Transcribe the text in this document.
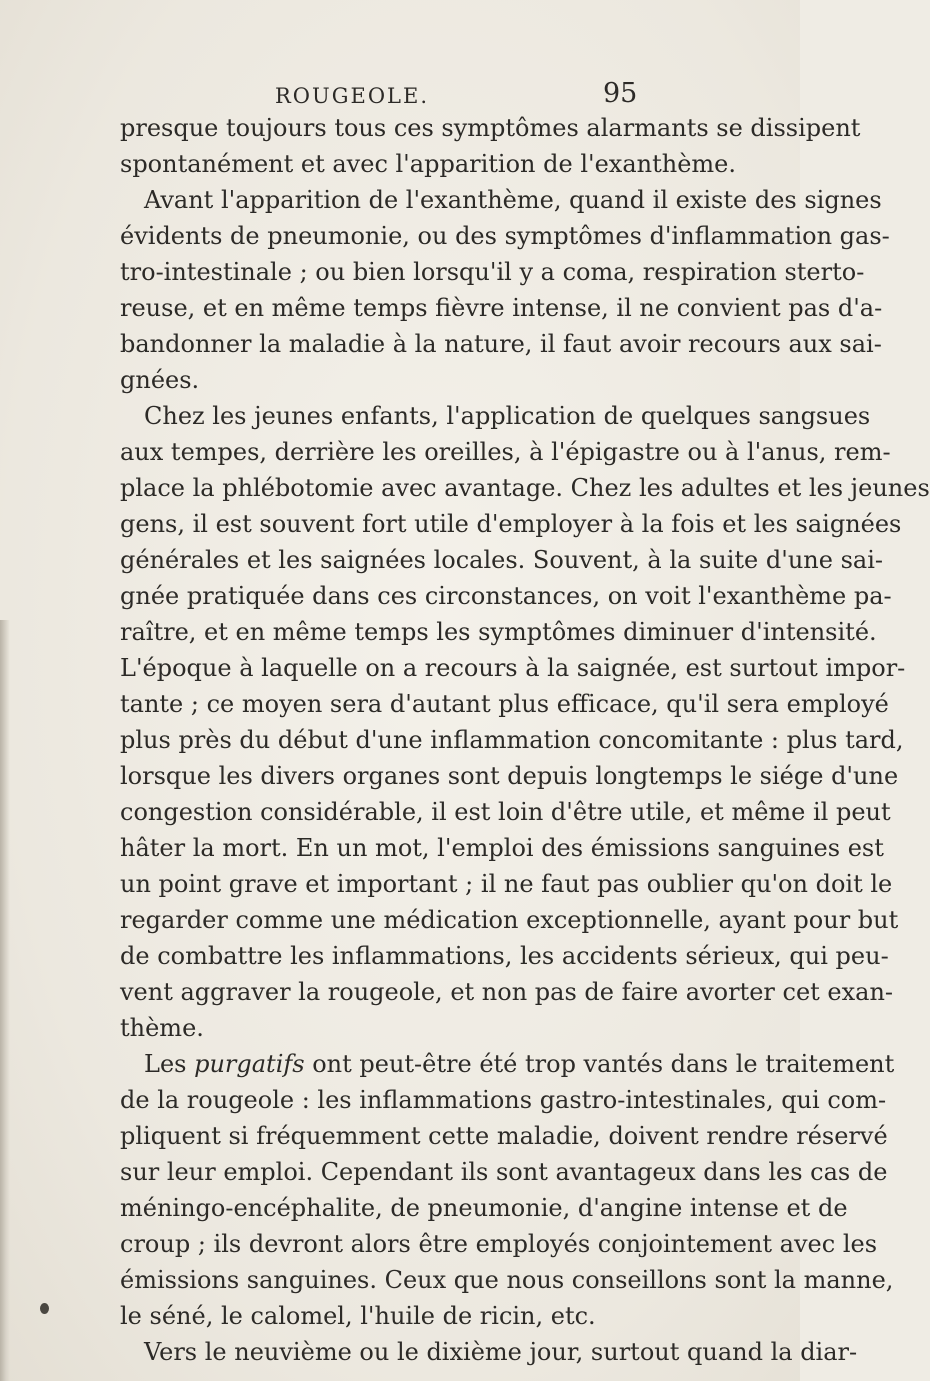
ROUGEOLE.	95
presque toujours tous ces symptômes alarmants se dissipent
spontanément et avec l'apparition de l'exanthème.
Avant l'apparition de l'exanthème, quand il existe des signes
évidents de pneumonie, ou des symptômes d'inflammation gas-
tro-intestinale ; ou bien lorsqu'il y a coma, respiration sterto-
reuse, et en même temps fièvre intense, il ne convient pas d'a-
bandonner la maladie à la nature, il faut avoir recours aux sai-
gnées.
Chez les jeunes enfants, l'application de quelques sangsues
aux tempes, derrière les oreilles, à l'épigastre ou à l'anus, rem-
place la phlébotomie avec avantage. Chez les adultes et les jeunes
gens, il est souvent fort utile d'employer à la fois et les saignées
générales et les saignées locales. Souvent, à la suite d'une sai-
gnée pratiquée dans ces circonstances, on voit l'exanthème pa-
raître, et en même temps les symptômes diminuer d'intensité.
L'époque à laquelle on a recours à la saignée, est surtout impor-
tante ; ce moyen sera d'autant plus efficace, qu'il sera employé
plus près du début d'une inflammation concomitante : plus tard,
lorsque les divers organes sont depuis longtemps le siége d'une
congestion considérable, il est loin d'être utile, et même il peut
hâter la mort. En un mot, l'emploi des émissions sanguines est
un point grave et important ; il ne faut pas oublier qu'on doit le
regarder comme une médication exceptionnelle, ayant pour but
de combattre les inflammations, les accidents sérieux, qui peu-
vent aggraver la rougeole, et non pas de faire avorter cet exan-
thème.
Les purgatifs ont peut-être été trop vantés dans le traitement
de la rougeole : les inflammations gastro-intestinales, qui com-
pliquent si fréquemment cette maladie, doivent rendre réservé
sur leur emploi. Cependant ils sont avantageux dans les cas de
méningo-encéphalite, de pneumonie, d'angine intense et de
croup ; ils devront alors être employés conjointement avec les
émissions sanguines. Ceux que nous conseillons sont la manne,
le séné, le calomel, l'huile de ricin, etc.
Vers le neuvième ou le dixième jour, surtout quand la diar-
